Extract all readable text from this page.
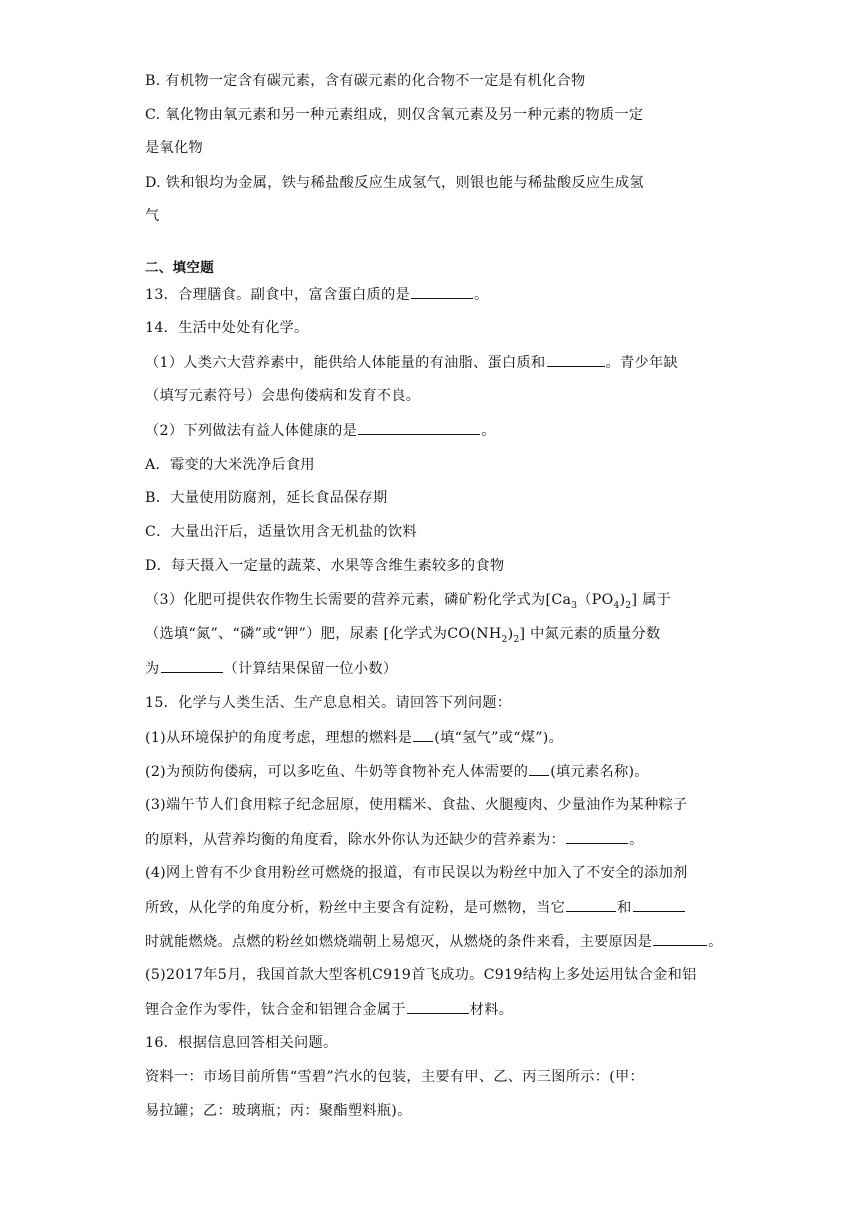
B. 有机物一定含有碳元素，含有碳元素的化合物不一定是有机化合物
C. 氧化物由氧元素和另一种元素组成，则仅含氧元素及另一种元素的物质一定
是氧化物
D. 铁和银均为金属，铁与稀盐酸反应生成氢气，则银也能与稀盐酸反应生成氢
气
二、填空题
13．合理膳食。副食中，富含蛋白质的是	。
14．生活中处处有化学。
（1）人类六大营养素中，能供给人体能量的有油脂、蛋白质和	。青少年缺
（填写元素符号）会患佝偻病和发育不良。
（2）下列做法有益人体健康的是	。
A．霉变的大米洗净后食用
B．大量使用防腐剂，延长食品保存期
C．大量出汗后，适量饮用含无机盐的饮料
D．每天摄入一定量的蔬菜、水果等含维生素较多的食物
（3）化肥可提供农作物生长需要的营养元素，磷矿粉化学式为$[Ca_3(PO_4)_2]$ 属于
（选填“氮”、“磷”或“钾”）肥，尿素 [化学式为$CO(NH_2)_2$] 中氮元素的质量分数
为	（计算结果保留一位小数）
15．化学与人类生活、生产息息相关。请回答下列问题：
(1)从环境保护的角度考虑，理想的燃料是 (填“氢气”或“煤”)。
(2)为预防佝偻病，可以多吃鱼、牛奶等食物补充人体需要的 (填元素名称)。
(3)端午节人们食用粽子纪念屈原，使用糯米、食盐、火腿瘦肉、少量油作为某种粽子
的原料，从营养均衡的角度看，除水外你认为还缺少的营养素为：	。
(4)网上曾有不少食用粉丝可燃烧的报道，有市民误以为粉丝中加入了不安全的添加剂
所致，从化学的角度分析，粉丝中主要含有淀粉，是可燃物，当它	和
时就能燃烧。点燃的粉丝如燃烧端朝上易熄灭，从燃烧的条件来看，主要原因是	。
(5)2017年5月，我国首款大型客机C919首飞成功。C919结构上多处运用钛合金和铝
锂合金作为零件，钛合金和铝锂合金属于	材料。
16．根据信息回答相关问题。
资料一：市场目前所售“雪碧”汽水的包装，主要有甲、乙、丙三图所示：(甲：
易拉罐；乙：玻璃瓶；丙：聚酯塑料瓶)。
